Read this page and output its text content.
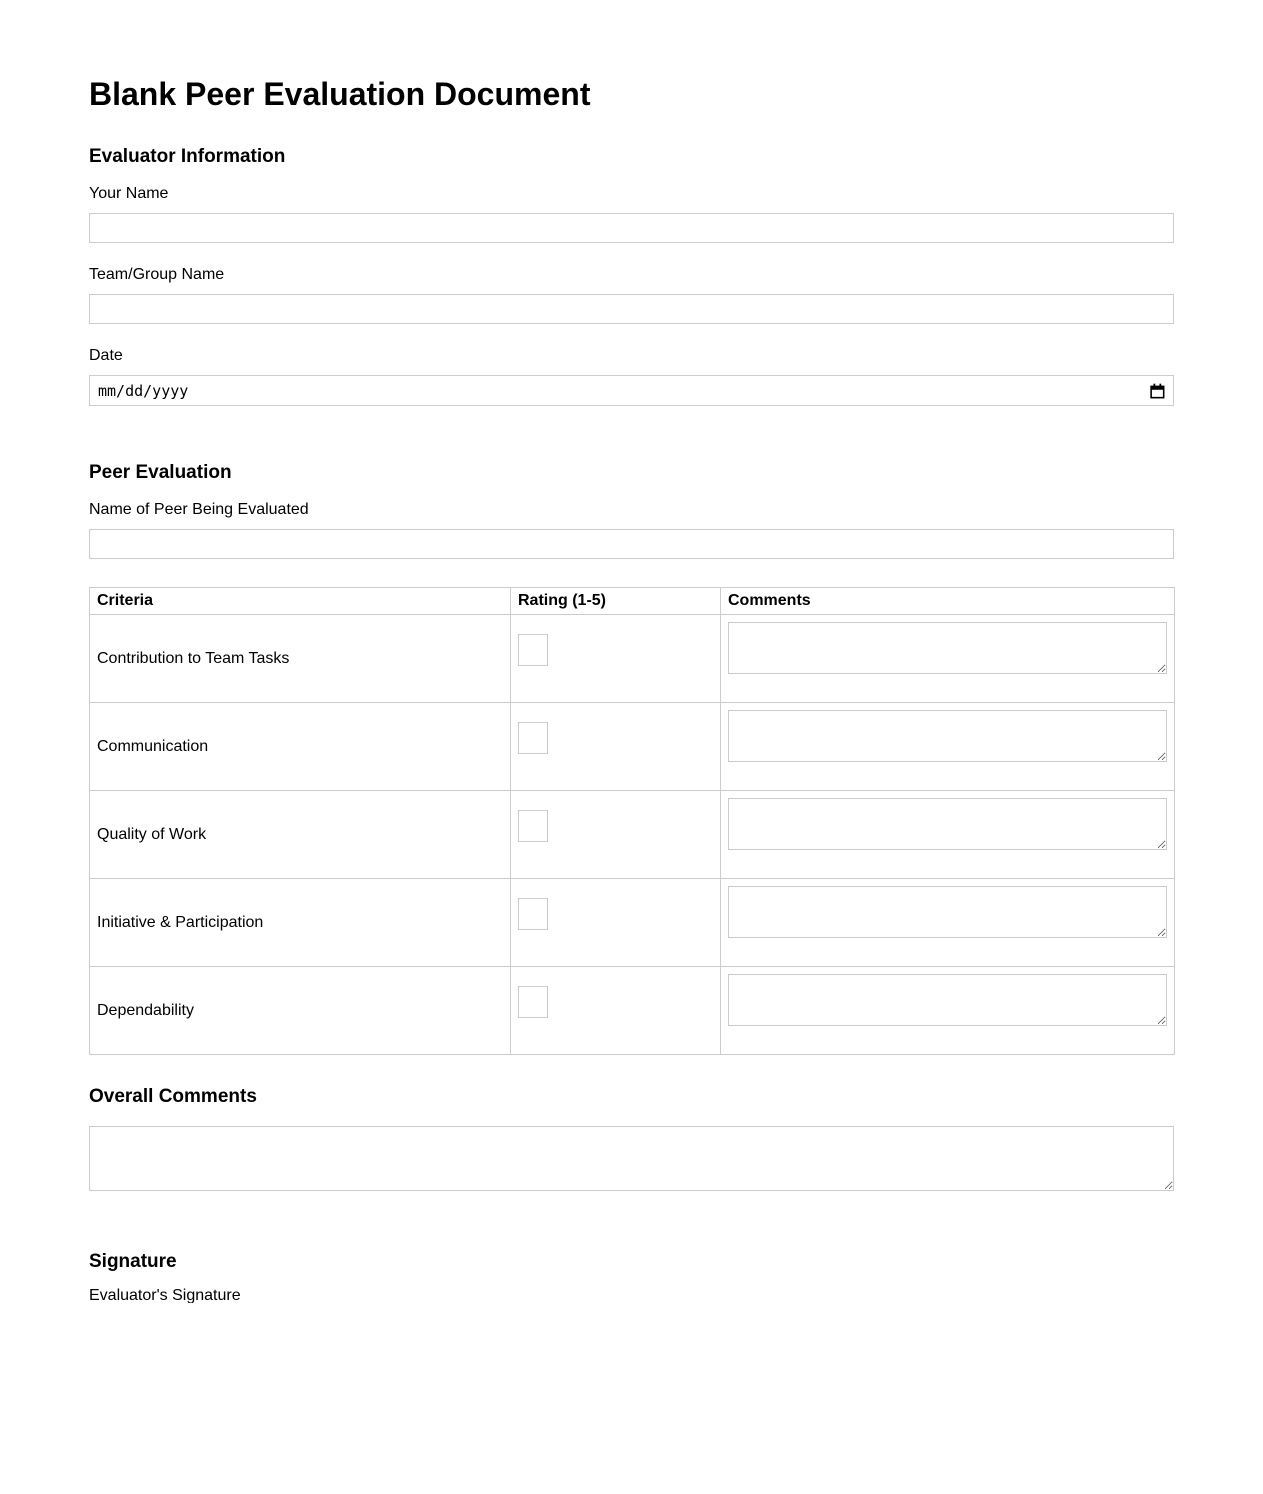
Blank Peer Evaluation Document
Evaluator Information
Your Name
Team/Group Name
Date
mm/dd/yyyy
Peer Evaluation
Name of Peer Being Evaluated
Criteria	Rating (1-5)	Comments
Contribution to Team Tasks	

Communication	

Quality of Work	

Initiative & Participation	

Dependability	

Overall Comments
Signature
Evaluator's Signature
